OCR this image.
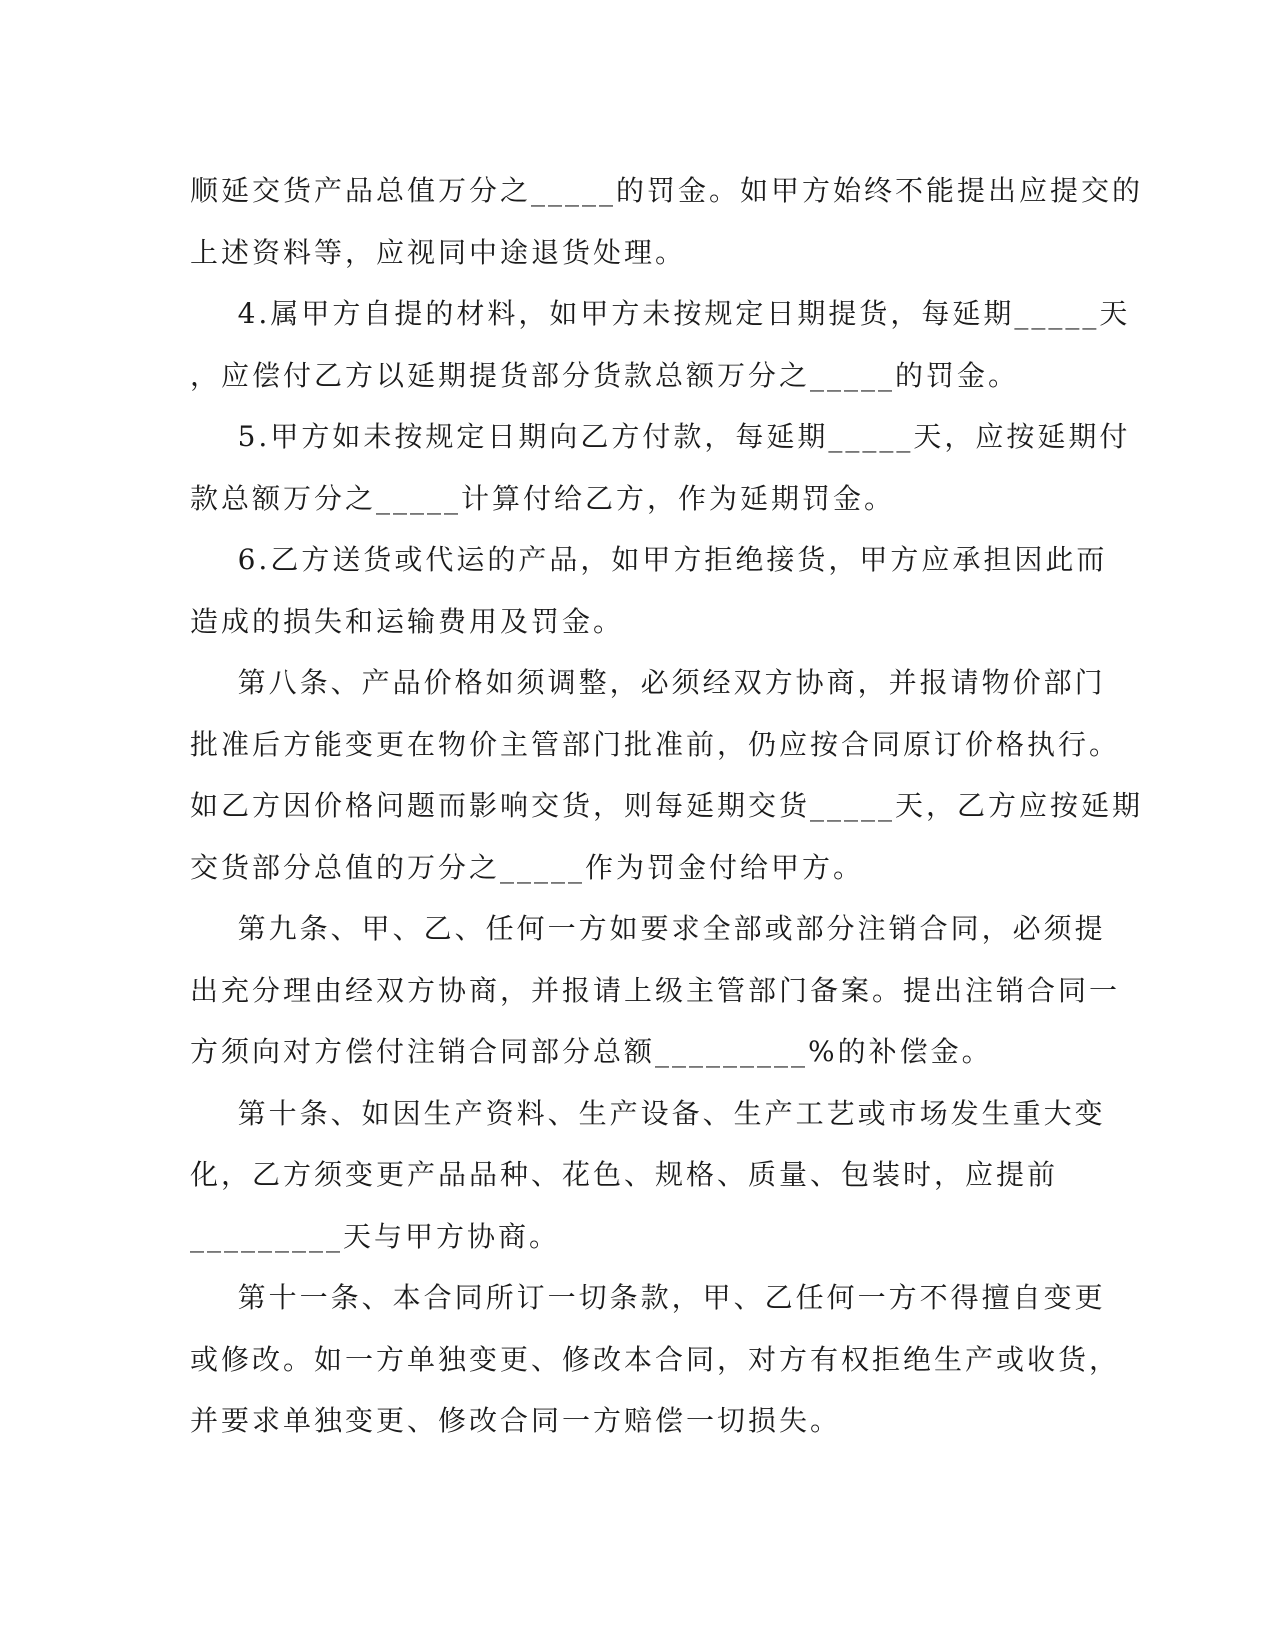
顺延交货产品总值万分之_____的罚金。如甲方始终不能提出应提交的
上述资料等，应视同中途退货处理。
4.属甲方自提的材料，如甲方未按规定日期提货，每延期_____天
，应偿付乙方以延期提货部分货款总额万分之_____的罚金。
5.甲方如未按规定日期向乙方付款，每延期_____天，应按延期付
款总额万分之_____计算付给乙方，作为延期罚金。
6.乙方送货或代运的产品，如甲方拒绝接货，甲方应承担因此而
造成的损失和运输费用及罚金。
第八条、产品价格如须调整，必须经双方协商，并报请物价部门
批准后方能变更在物价主管部门批准前，仍应按合同原订价格执行。
如乙方因价格问题而影响交货，则每延期交货_____天，乙方应按延期
交货部分总值的万分之_____作为罚金付给甲方。
第九条、甲、乙、任何一方如要求全部或部分注销合同，必须提
出充分理由经双方协商，并报请上级主管部门备案。提出注销合同一
方须向对方偿付注销合同部分总额_________%的补偿金。
第十条、如因生产资料、生产设备、生产工艺或市场发生重大变
化，乙方须变更产品品种、花色、规格、质量、包装时，应提前
_________天与甲方协商。
第十一条、本合同所订一切条款，甲、乙任何一方不得擅自变更
或修改。如一方单独变更、修改本合同，对方有权拒绝生产或收货，
并要求单独变更、修改合同一方赔偿一切损失。
